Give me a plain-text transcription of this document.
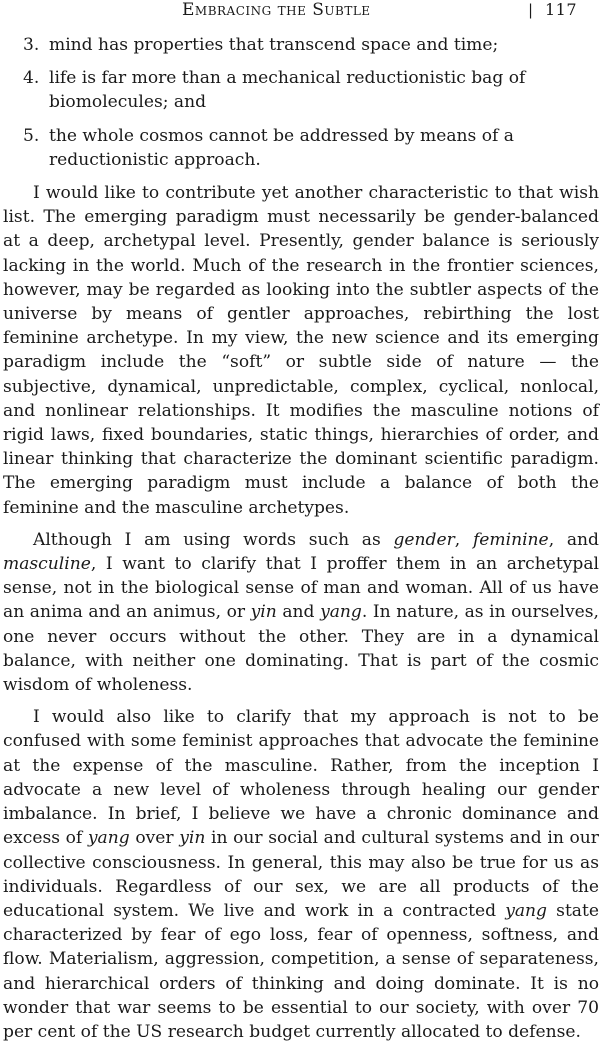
Embracing the Subtle	| 117
3. mind has properties that transcend space and time;
4. life is far more than a mechanical reductionistic bag of biomolecules; and
5. the whole cosmos cannot be addressed by means of a reductionistic approach.

I would like to contribute yet another characteristic to that wish list. The emerging paradigm must necessarily be gender-balanced at a deep, archetypal level. Presently, gender balance is seriously lacking in the world. Much of the research in the frontier sciences, however, may be regarded as looking into the subtler aspects of the universe by means of gentler approaches, rebirthing the lost feminine archetype. In my view, the new science and its emerging paradigm include the “soft” or subtle side of nature — the subjective, dynamical, unpredictable, complex, cyclical, nonlocal, and nonlinear relationships. It modifies the masculine notions of rigid laws, fixed boundaries, static things, hierarchies of order, and linear thinking that characterize the dominant scientific paradigm. The emerging paradigm must include a balance of both the feminine and the masculine archetypes.

Although I am using words such as gender, feminine, and masculine, I want to clarify that I proffer them in an archetypal sense, not in the biological sense of man and woman. All of us have an anima and an animus, or yin and yang. In nature, as in ourselves, one never occurs without the other. They are in a dynamical balance, with neither one dominating. That is part of the cosmic wisdom of wholeness.

I would also like to clarify that my approach is not to be confused with some feminist approaches that advocate the feminine at the expense of the masculine. Rather, from the inception I advocate a new level of wholeness through healing our gender imbalance. In brief, I believe we have a chronic dominance and excess of yang over yin in our social and cultural systems and in our collective consciousness. In general, this may also be true for us as individuals. Regardless of our sex, we are all products of the educational system. We live and work in a contracted yang state characterized by fear of ego loss, fear of openness, softness, and flow. Materialism, aggression, competition, a sense of separateness, and hierarchical orders of thinking and doing dominate. It is no wonder that war seems to be essential to our society, with over 70 per cent of the US research budget currently allocated to defense.
